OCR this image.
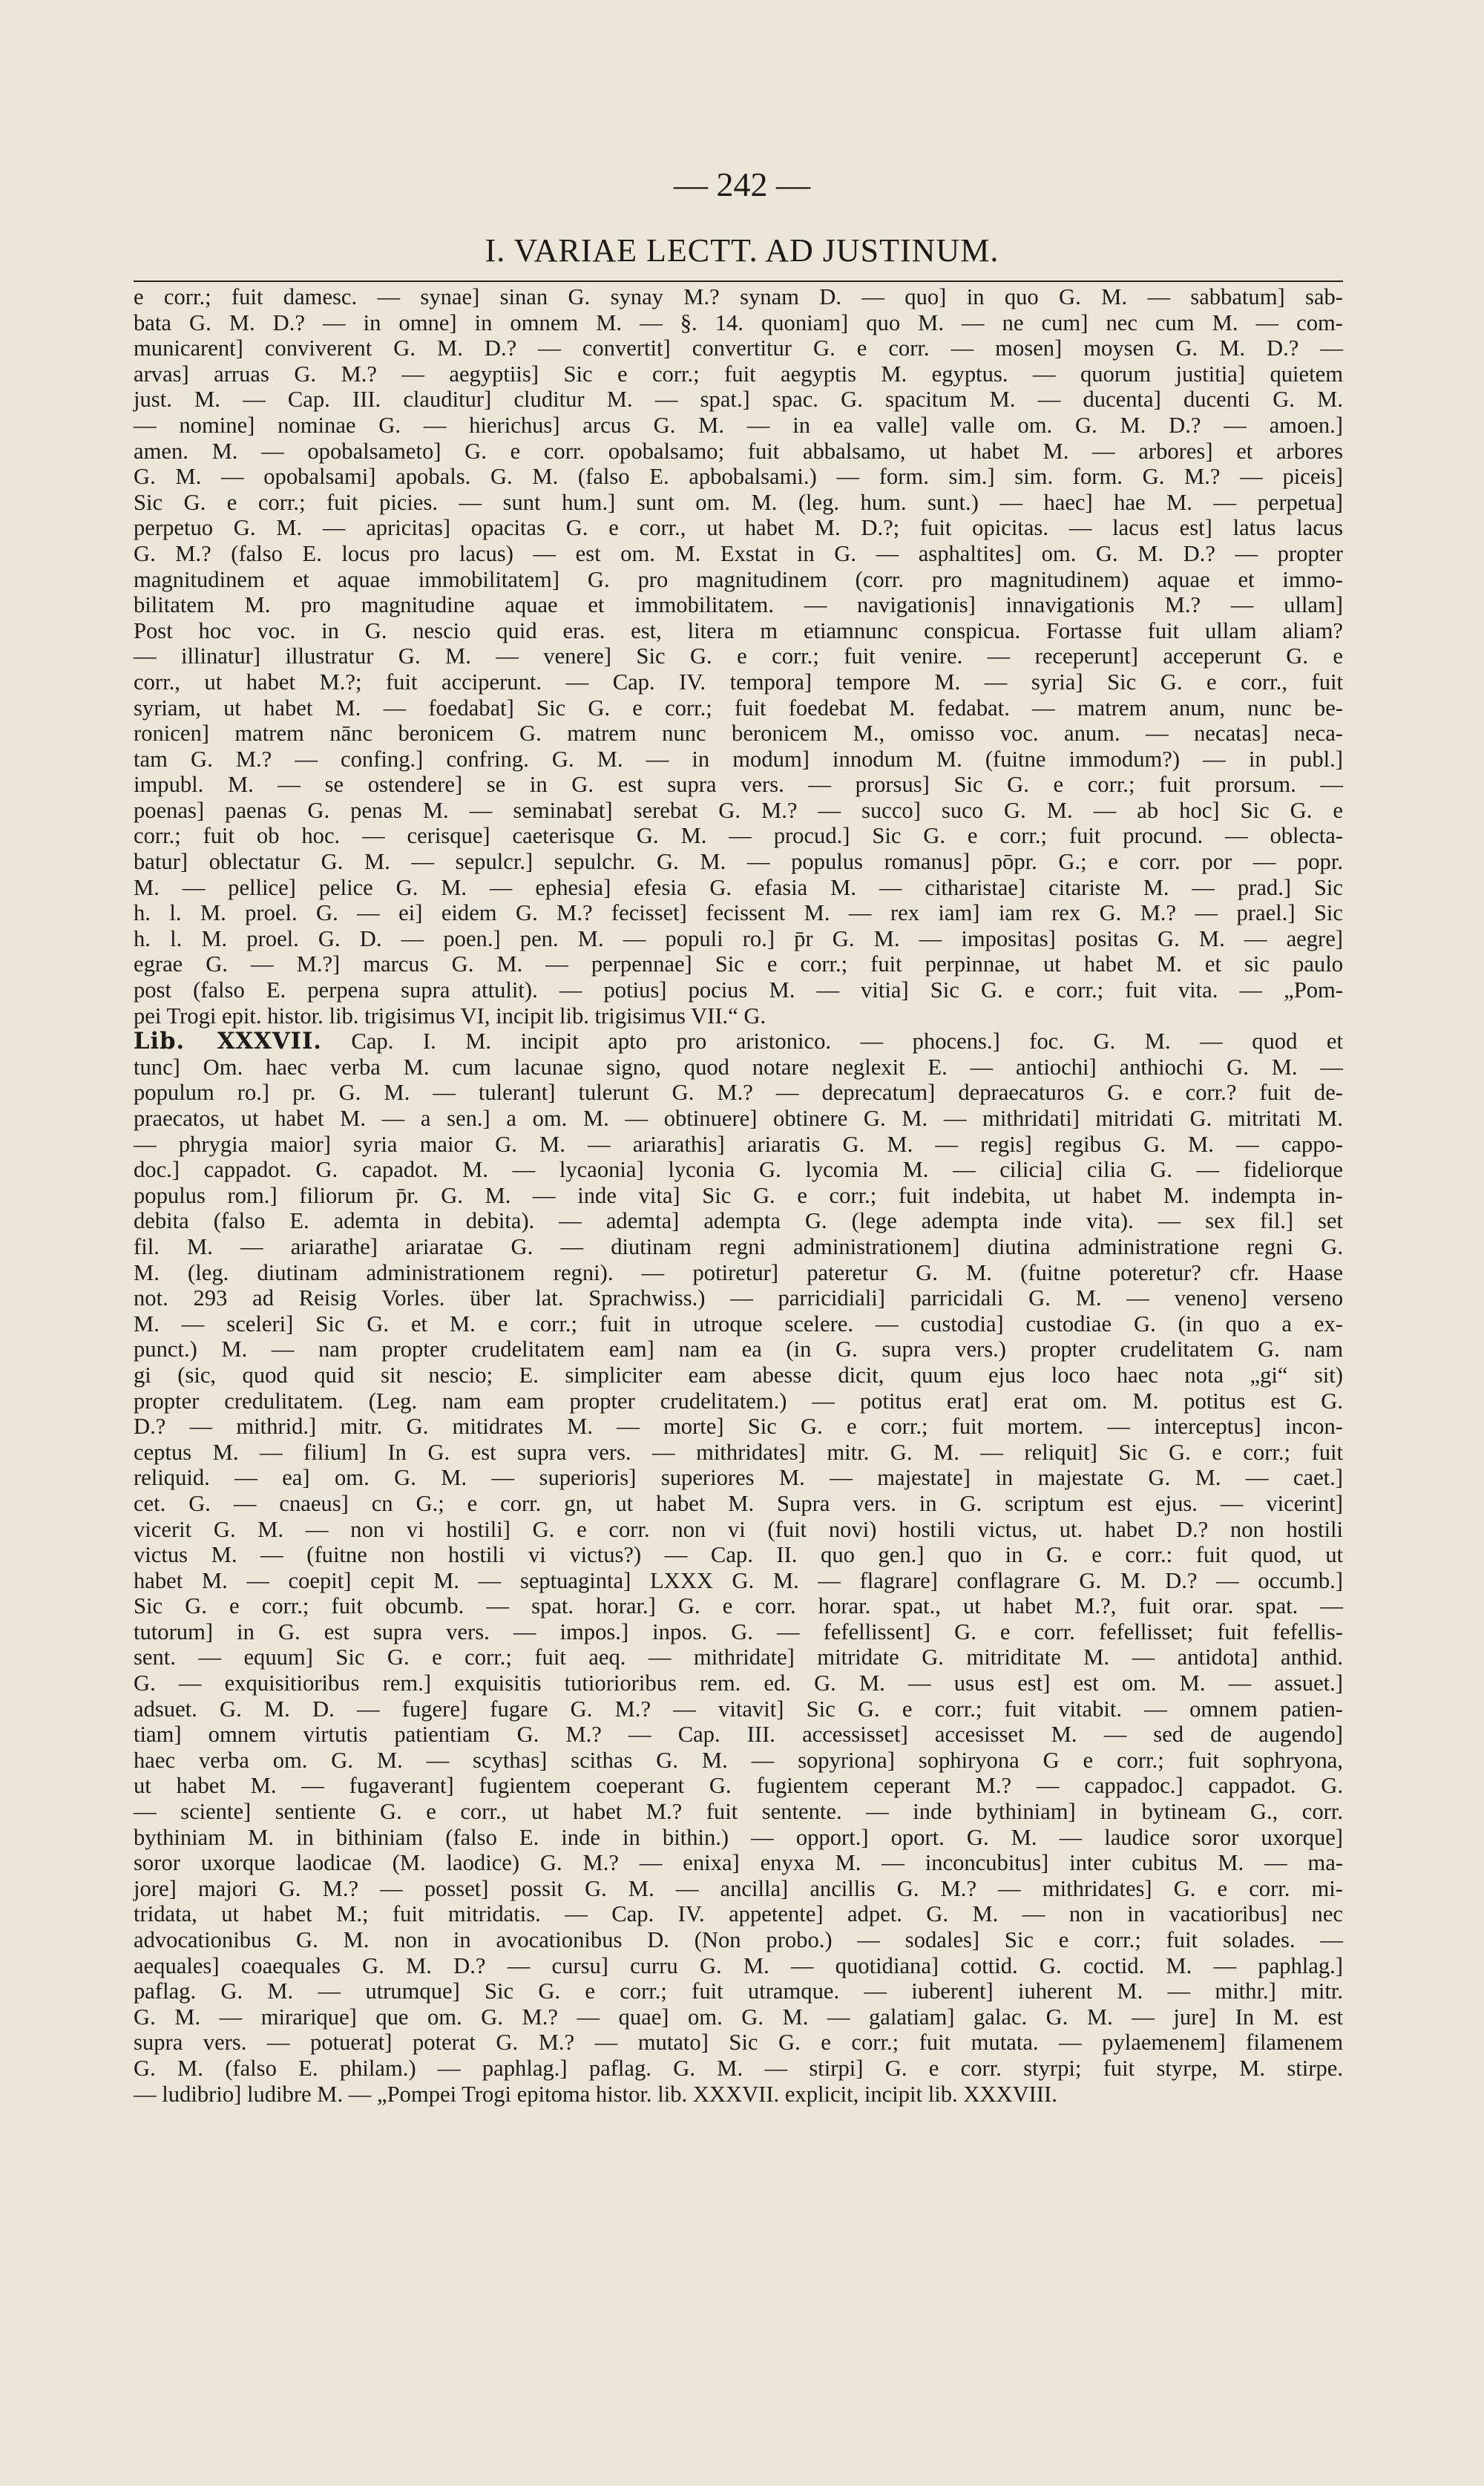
— 242 —
I. VARIAE LECTT. AD JUSTINUM.
e corr.; fuit damesc. — synae] sinan G. synay M.? synam D. — quo] in quo G. M. — sabbatum] sab-
bata G. M. D.? — in omne] in omnem M. — §. 14. quoniam] quo M. — ne cum] nec cum M. — com-
municarent] conviverent G. M. D.? — convertit] convertitur G. e corr. — mosen] moysen G. M. D.? —
arvas] arruas G. M.? — aegyptiis] Sic e corr.; fuit aegyptis M. egyptus. — quorum justitia] quietem
just. M. — Cap. III. clauditur] cluditur M. — spat.] spac. G. spacitum M. — ducenta] ducenti G. M.
— nomine] nominae G. — hierichus] arcus G. M. — in ea valle] valle om. G. M. D.? — amoen.]
amen. M. — opobalsameto] G. e corr. opobalsamo; fuit abbalsamo, ut habet M. — arbores] et arbores
G. M. — opobalsami] apobals. G. M. (falso E. apbobalsami.) — form. sim.] sim. form. G. M.? — piceis]
Sic G. e corr.; fuit picies. — sunt hum.] sunt om. M. (leg. hum. sunt.) — haec] hae M. — perpetua]
perpetuo G. M. — apricitas] opacitas G. e corr., ut habet M. D.?; fuit opicitas. — lacus est] latus lacus
G. M.? (falso E. locus pro lacus) — est om. M. Exstat in G. — asphaltites] om. G. M. D.? — propter
magnitudinem et aquae immobilitatem] G. pro magnitudinem (corr. pro magnitudinem) aquae et immo-
bilitatem M. pro magnitudine aquae et immobilitatem. — navigationis] innavigationis M.? — ullam]
Post hoc voc. in G. nescio quid eras. est, litera m etiamnunc conspicua. Fortasse fuit ullam aliam?
— illinatur] illustratur G. M. — venere] Sic G. e corr.; fuit venire. — receperunt] acceperunt G. e
corr., ut habet M.?; fuit acciperunt. — Cap. IV. tempora] tempore M. — syria] Sic G. e corr., fuit
syriam, ut habet M. — foedabat] Sic G. e corr.; fuit foedebat M. fedabat. — matrem anum, nunc be-
ronicen] matrem nānc beronicem G. matrem nunc beronicem M., omisso voc. anum. — necatas] neca-
tam G. M.? — confing.] confring. G. M. — in modum] innodum M. (fuitne immodum?) — in publ.]
impubl. M. — se ostendere] se in G. est supra vers. — prorsus] Sic G. e corr.; fuit prorsum. —
poenas] paenas G. penas M. — seminabat] serebat G. M.? — succo] suco G. M. — ab hoc] Sic G. e
corr.; fuit ob hoc. — cerisque] caeterisque G. M. — procud.] Sic G. e corr.; fuit procund. — oblecta-
batur] oblectatur G. M. — sepulcr.] sepulchr. G. M. — populus romanus] pōpr. G.; e corr. por — popr.
M. — pellice] pelice G. M. — ephesia] efesia G. efasia M. — citharistae] citariste M. — prad.] Sic
h. l. M. proel. G. — ei] eidem G. M.? fecisset] fecissent M. — rex iam] iam rex G. M.? — prael.] Sic
h. l. M. proel. G. D. — poen.] pen. M. — populi ro.] p̄r G. M. — impositas] positas G. M. — aegre]
egrae G. — M.?] marcus G. M. — perpennae] Sic e corr.; fuit perpinnae, ut habet M. et sic paulo
post (falso E. perpena supra attulit). — potius] pocius M. — vitia] Sic G. e corr.; fuit vita. — „Pom-
pei Trogi epit. histor. lib. trigisimus VI, incipit lib. trigisimus VII.“ G.
Lib. XXXVII. Cap. I. M. incipit apto pro aristonico. — phocens.] foc. G. M. — quod et
tunc] Om. haec verba M. cum lacunae signo, quod notare neglexit E. — antiochi] anthiochi G. M. —
populum ro.] pr. G. M. — tulerant] tulerunt G. M.? — deprecatum] depraecaturos G. e corr.? fuit de-
praecatos, ut habet M. — a sen.] a om. M. — obtinuere] obtinere G. M. — mithridati] mitridati G. mitritati M.
— phrygia maior] syria maior G. M. — ariarathis] ariaratis G. M. — regis] regibus G. M. — cappo-
doc.] cappadot. G. capadot. M. — lycaonia] lyconia G. lycomia M. — cilicia] cilia G. — fideliorque
populus rom.] filiorum p̄r. G. M. — inde vita] Sic G. e corr.; fuit indebita, ut habet M. indempta in-
debita (falso E. ademta in debita). — ademta] adempta G. (lege adempta inde vita). — sex fil.] set
fil. M. — ariarathe] ariaratae G. — diutinam regni administrationem] diutina administratione regni G.
M. (leg. diutinam administrationem regni). — potiretur] pateretur G. M. (fuitne poteretur? cfr. Haase
not. 293 ad Reisig Vorles. über lat. Sprachwiss.) — parricidiali] parricidali G. M. — veneno] verseno
M. — sceleri] Sic G. et M. e corr.; fuit in utroque scelere. — custodia] custodiae G. (in quo a ex-
punct.) M. — nam propter crudelitatem eam] nam ea (in G. supra vers.) propter crudelitatem G. nam
gi (sic, quod quid sit nescio; E. simpliciter eam abesse dicit, quum ejus loco haec nota „gi“ sit)
propter credulitatem. (Leg. nam eam propter crudelitatem.) — potitus erat] erat om. M. potitus est G.
D.? — mithrid.] mitr. G. mitidrates M. — morte] Sic G. e corr.; fuit mortem. — interceptus] incon-
ceptus M. — filium] In G. est supra vers. — mithridates] mitr. G. M. — reliquit] Sic G. e corr.; fuit
reliquid. — ea] om. G. M. — superioris] superiores M. — majestate] in majestate G. M. — caet.]
cet. G. — cnaeus] cn G.; e corr. gn, ut habet M. Supra vers. in G. scriptum est ejus. — vicerint]
vicerit G. M. — non vi hostili] G. e corr. non vi (fuit novi) hostili victus, ut. habet D.? non hostili
victus M. — (fuitne non hostili vi victus?) — Cap. II. quo gen.] quo in G. e corr.: fuit quod, ut
habet M. — coepit] cepit M. — septuaginta] LXXX G. M. — flagrare] conflagrare G. M. D.? — occumb.]
Sic G. e corr.; fuit obcumb. — spat. horar.] G. e corr. horar. spat., ut habet M.?, fuit orar. spat. —
tutorum] in G. est supra vers. — impos.] inpos. G. — fefellissent] G. e corr. fefellisset; fuit fefellis-
sent. — equum] Sic G. e corr.; fuit aeq. — mithridate] mitridate G. mitriditate M. — antidota] anthid.
G. — exquisitioribus rem.] exquisitis tutiorioribus rem. ed. G. M. — usus est] est om. M. — assuet.]
adsuet. G. M. D. — fugere] fugare G. M.? — vitavit] Sic G. e corr.; fuit vitabit. — omnem patien-
tiam] omnem virtutis patientiam G. M.? — Cap. III. accessisset] accesisset M. — sed de augendo]
haec verba om. G. M. — scythas] scithas G. M. — sopyriona] sophiryona G e corr.; fuit sophryona,
ut habet M. — fugaverant] fugientem coeperant G. fugientem ceperant M.? — cappadoc.] cappadot. G.
— sciente] sentiente G. e corr., ut habet M.? fuit sentente. — inde bythiniam] in bytineam G., corr.
bythiniam M. in bithiniam (falso E. inde in bithin.) — opport.] oport. G. M. — laudice soror uxorque]
soror uxorque laodicae (M. laodice) G. M.? — enixa] enyxa M. — inconcubitus] inter cubitus M. — ma-
jore] majori G. M.? — posset] possit G. M. — ancilla] ancillis G. M.? — mithridates] G. e corr. mi-
tridata, ut habet M.; fuit mitridatis. — Cap. IV. appetente] adpet. G. M. — non in vacatioribus] nec
advocationibus G. M. non in avocationibus D. (Non probo.) — sodales] Sic e corr.; fuit solades. —
aequales] coaequales G. M. D.? — cursu] curru G. M. — quotidiana] cottid. G. coctid. M. — paphlag.]
paflag. G. M. — utrumque] Sic G. e corr.; fuit utramque. — iuberent] iuherent M. — mithr.] mitr.
G. M. — mirarique] que om. G. M.? — quae] om. G. M. — galatiam] galac. G. M. — jure] In M. est
supra vers. — potuerat] poterat G. M.? — mutato] Sic G. e corr.; fuit mutata. — pylaemenem] filamenem
G. M. (falso E. philam.) — paphlag.] paflag. G. M. — stirpi] G. e corr. styrpi; fuit styrpe, M. stirpe.
— ludibrio] ludibre M. — „Pompei Trogi epitoma histor. lib. XXXVII. explicit, incipit lib. XXXVIII.
